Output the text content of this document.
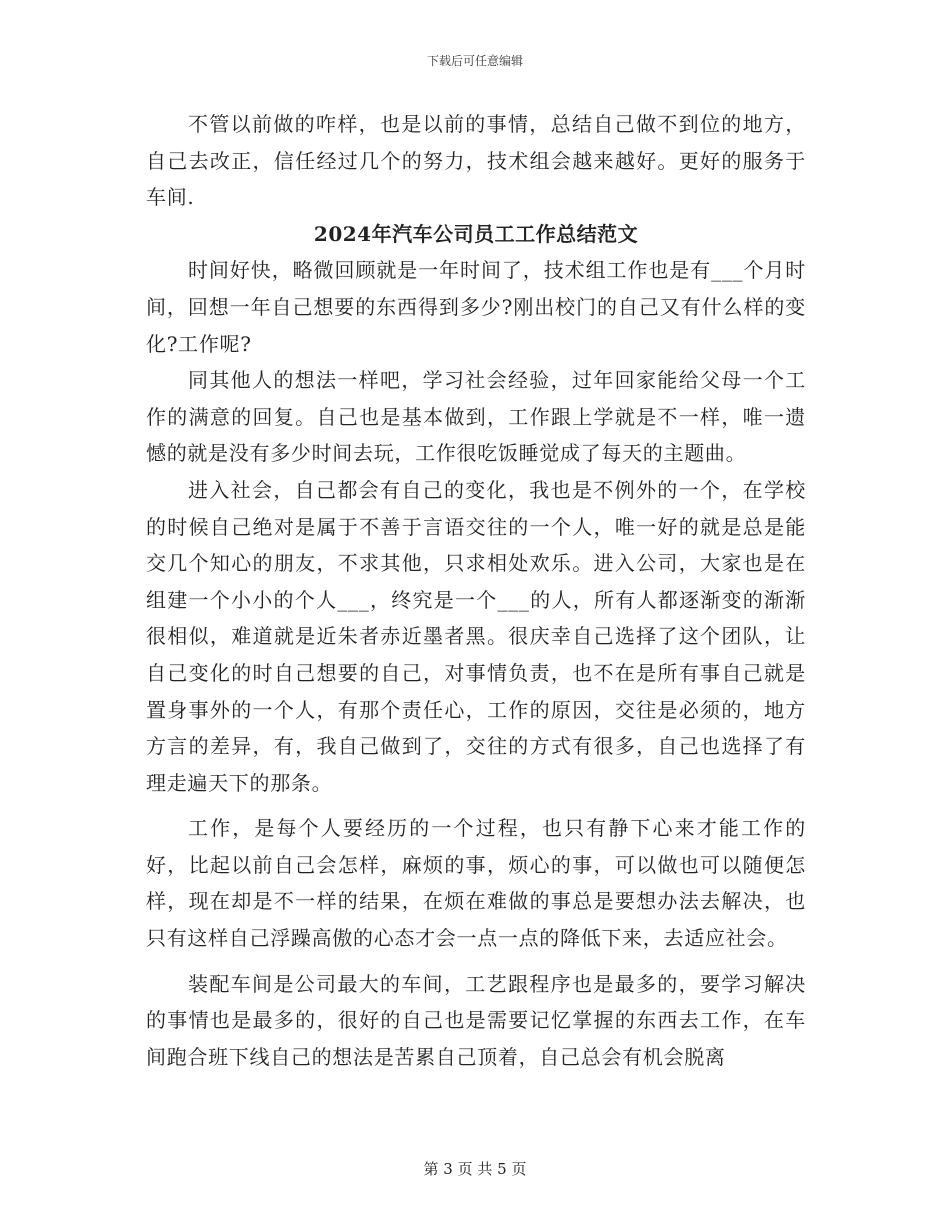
下载后可任意编辑

不管以前做的咋样，也是以前的事情，总结自己做不到位的地方，自己去改正，信任经过几个的努力，技术组会越来越好。更好的服务于车间.

2024年汽车公司员工工作总结范文

时间好快，略微回顾就是一年时间了，技术组工作也是有___个月时间，回想一年自己想要的东西得到多少?刚出校门的自己又有什么样的变化?工作呢?

同其他人的想法一样吧，学习社会经验，过年回家能给父母一个工作的满意的回复。自己也是基本做到，工作跟上学就是不一样，唯一遗憾的就是没有多少时间去玩，工作很吃饭睡觉成了每天的主题曲。

进入社会，自己都会有自己的变化，我也是不例外的一个，在学校的时候自己绝对是属于不善于言语交往的一个人，唯一好的就是总是能交几个知心的朋友，不求其他，只求相处欢乐。进入公司，大家也是在组建一个小小的个人___，终究是一个___的人，所有人都逐渐变的渐渐很相似，难道就是近朱者赤近墨者黑。很庆幸自己选择了这个团队，让自己变化的时自己想要的自己，对事情负责，也不在是所有事自己就是置身事外的一个人，有那个责任心，工作的原因，交往是必须的，地方方言的差异，有，我自己做到了，交往的方式有很多，自己也选择了有理走遍天下的那条。

工作，是每个人要经历的一个过程，也只有静下心来才能工作的好，比起以前自己会怎样，麻烦的事，烦心的事，可以做也可以随便怎样，现在却是不一样的结果，在烦在难做的事总是要想办法去解决，也只有这样自己浮躁高傲的心态才会一点一点的降低下来，去适应社会。

装配车间是公司最大的车间，工艺跟程序也是最多的，要学习解决的事情也是最多的，很好的自己也是需要记忆掌握的东西去工作，在车间跑合班下线自己的想法是苦累自己顶着，自己总会有机会脱离

第 3 页 共 5 页
